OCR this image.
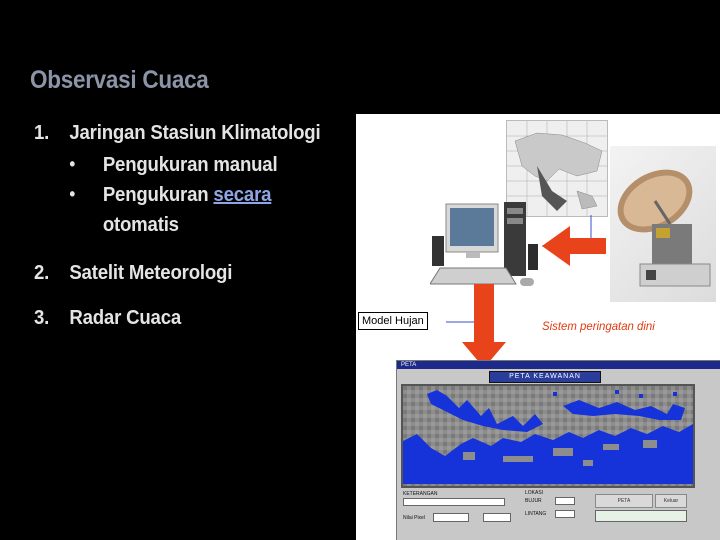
Observasi Cuaca
1. Jaringan Stasiun Klimatologi
• Pengukuran manual
• Pengukuran secara
otomatis
2. Satelit Meteorologi
3. Radar Cuaca	Model Hujan	Sistem peringatan dini
PETA
PETA KEAWANAN
KETERANGAN
Nilai Pixel
LOKASI
BUJUR
LINTANG
PETA	Keluar
